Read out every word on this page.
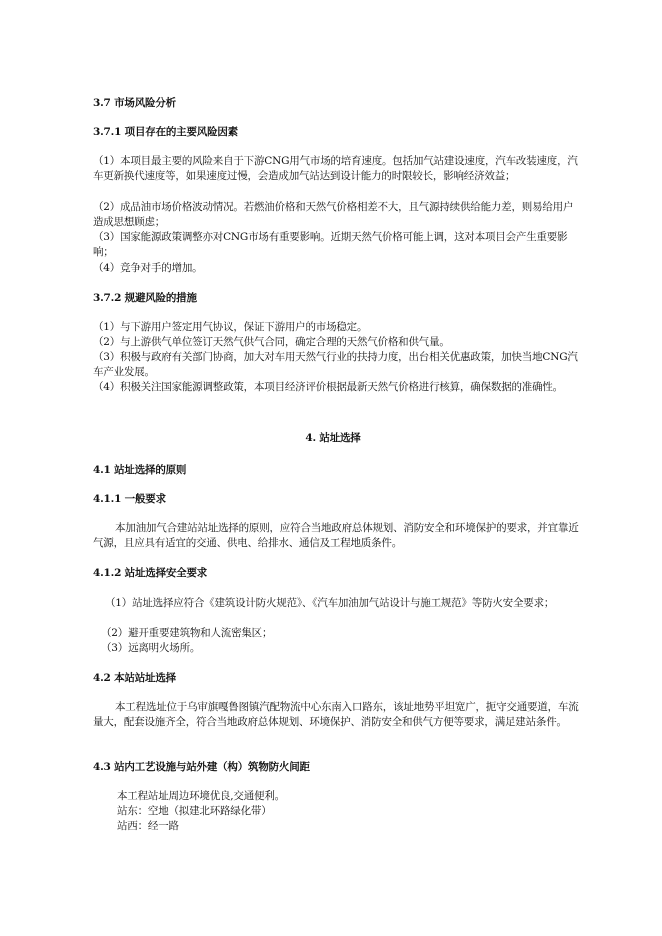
3.7 市场风险分析
3.7.1 项目存在的主要风险因素
（1）本项目最主要的风险来自于下游CNG用气市场的培育速度。包括加气站建设速度，汽车改装速度，汽车更新换代速度等，如果速度过慢，会造成加气站达到设计能力的时限较长，影响经济效益；
（2）成品油市场价格波动情况。若燃油价格和天然气价格相差不大，且气源持续供给能力差，则易给用户造成思想顾虑；
（3）国家能源政策调整亦对CNG市场有重要影响。近期天然气价格可能上调，这对本项目会产生重要影响；
（4）竞争对手的增加。
3.7.2 规避风险的措施
（1）与下游用户签定用气协议，保证下游用户的市场稳定。
（2）与上游供气单位签订天然气供气合同，确定合理的天然气价格和供气量。
（3）积极与政府有关部门协商，加大对车用天然气行业的扶持力度，出台相关优惠政策，加快当地CNG汽车产业发展。
（4）积极关注国家能源调整政策，本项目经济评价根据最新天然气价格进行核算，确保数据的准确性。
4. 站址选择
4.1 站址选择的原则
4.1.1 一般要求
本加油加气合建站站址选择的原则，应符合当地政府总体规划、消防安全和环境保护的要求，并宜靠近气源，且应具有适宜的交通、供电、给排水、通信及工程地质条件。
4.1.2 站址选择安全要求
（1）站址选择应符合《建筑设计防火规范》、《汽车加油加气站设计与施工规范》等防火安全要求；
（2）避开重要建筑物和人流密集区；
（3）远离明火场所。
4.2 本站站址选择
本工程选址位于乌审旗嘎鲁图镇汽配物流中心东南入口路东，该址地势平坦宽广，扼守交通要道，车流量大，配套设施齐全，符合当地政府总体规划、环境保护、消防安全和供气方便等要求，满足建站条件。
4.3 站内工艺设施与站外建（构）筑物防火间距
本工程站址周边环境优良,交通便利。
站东：空地（拟建北环路绿化带）
站西：经一路
